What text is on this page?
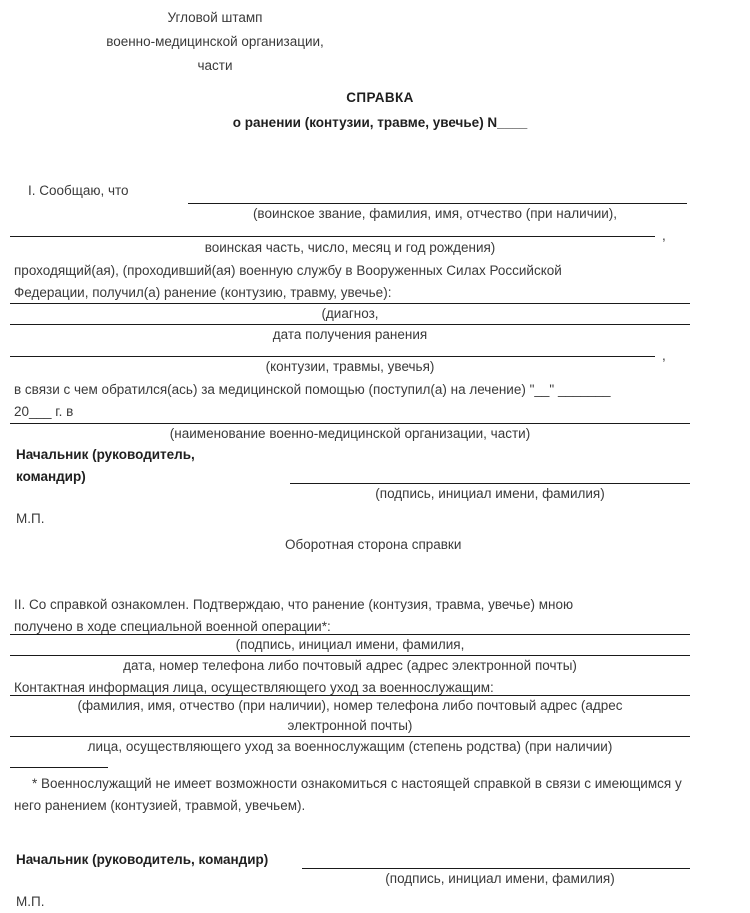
Угловой штамп
военно-медицинской организации,
части
СПРАВКА
о ранении (контузии, травме, увечье) N____
I. Сообщаю, что
(воинское звание, фамилия, имя, отчество (при наличии),
,
воинская часть, число, месяц и год рождения)
проходящий(ая), (проходивший(ая) военную службу в Вооруженных Силах Российской
Федерации, получил(а) ранение (контузию, травму, увечье):
(диагноз,
дата получения ранения
,
(контузии, травмы, увечья)
в связи с чем обратился(ась) за медицинской помощью (поступил(а) на лечение) "__" _______
20___ г. в
(наименование военно-медицинской организации, части)
Начальник (руководитель,
командир)
(подпись, инициал имени, фамилия)
М.П.
Оборотная сторона справки
II. Со справкой ознакомлен. Подтверждаю, что ранение (контузия, травма, увечье) мною
получено в ходе специальной военной операции*:
(подпись, инициал имени, фамилия,
дата, номер телефона либо почтовый адрес (адрес электронной почты)
Контактная информация лица, осуществляющего уход за военнослужащим:
(фамилия, имя, отчество (при наличии), номер телефона либо почтовый адрес (адрес
электронной почты)
лица, осуществляющего уход за военнослужащим (степень родства) (при наличии)
* Военнослужащий не имеет возможности ознакомиться с настоящей справкой в связи с имеющимся у
него ранением (контузией, травмой, увечьем).
Начальник (руководитель, командир)
(подпись, инициал имени, фамилия)
М.П.
